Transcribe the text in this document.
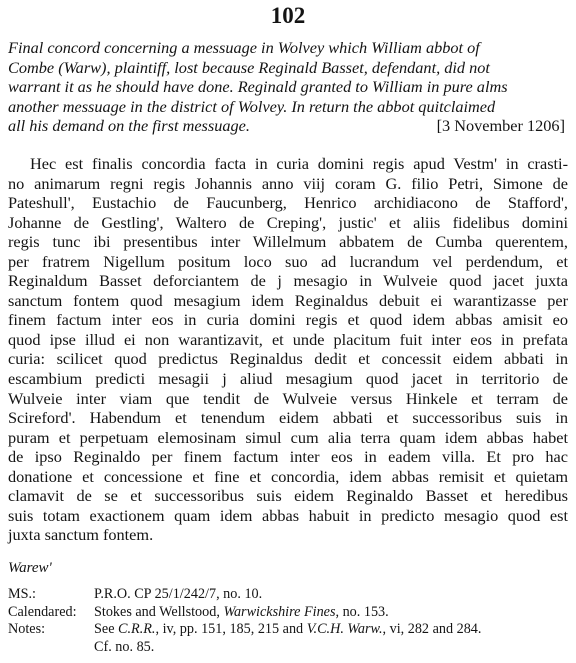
102
Final concord concerning a messuage in Wolvey which William abbot of
Combe (Warw), plaintiff, lost because Reginald Basset, defendant, did not
warrant it as he should have done. Reginald granted to William in pure alms
another messuage in the district of Wolvey. In return the abbot quitclaimed
all his demand on the first messuage.	[3 November 1206]
Hec est finalis concordia facta in curia domini regis apud Vestm' in crasti-
no animarum regni regis Johannis anno viij coram G. filio Petri, Simone de
Pateshull', Eustachio de Faucunberg, Henrico archidiacono de Stafford',
Johanne de Gestling', Waltero de Creping', justic' et aliis fidelibus domini
regis tunc ibi presentibus inter Willelmum abbatem de Cumba querentem,
per fratrem Nigellum positum loco suo ad lucrandum vel perdendum, et
Reginaldum Basset deforciantem de j mesagio in Wulveie quod jacet juxta
sanctum fontem quod mesagium idem Reginaldus debuit ei warantizasse per
finem factum inter eos in curia domini regis et quod idem abbas amisit eo
quod ipse illud ei non warantizavit, et unde placitum fuit inter eos in prefata
curia: scilicet quod predictus Reginaldus dedit et concessit eidem abbati in
escambium predicti mesagii j aliud mesagium quod jacet in territorio de
Wulveie inter viam que tendit de Wulveie versus Hinkele et terram de
Scireford'. Habendum et tenendum eidem abbati et successoribus suis in
puram et perpetuam elemosinam simul cum alia terra quam idem abbas habet
de ipso Reginaldo per finem factum inter eos in eadem villa. Et pro hac
donatione et concessione et fine et concordia, idem abbas remisit et quietam
clamavit de se et successoribus suis eidem Reginaldo Basset et heredibus
suis totam exactionem quam idem abbas habuit in predicto mesagio quod est
juxta sanctum fontem.
Warew'
MS.:	P.R.O. CP 25/1/242/7, no. 10.
Calendared:	Stokes and Wellstood, Warwickshire Fines, no. 153.
Notes:	See C.R.R., iv, pp. 151, 185, 215 and V.C.H. Warw., vi, 282 and 284.
Cf. no. 85.
